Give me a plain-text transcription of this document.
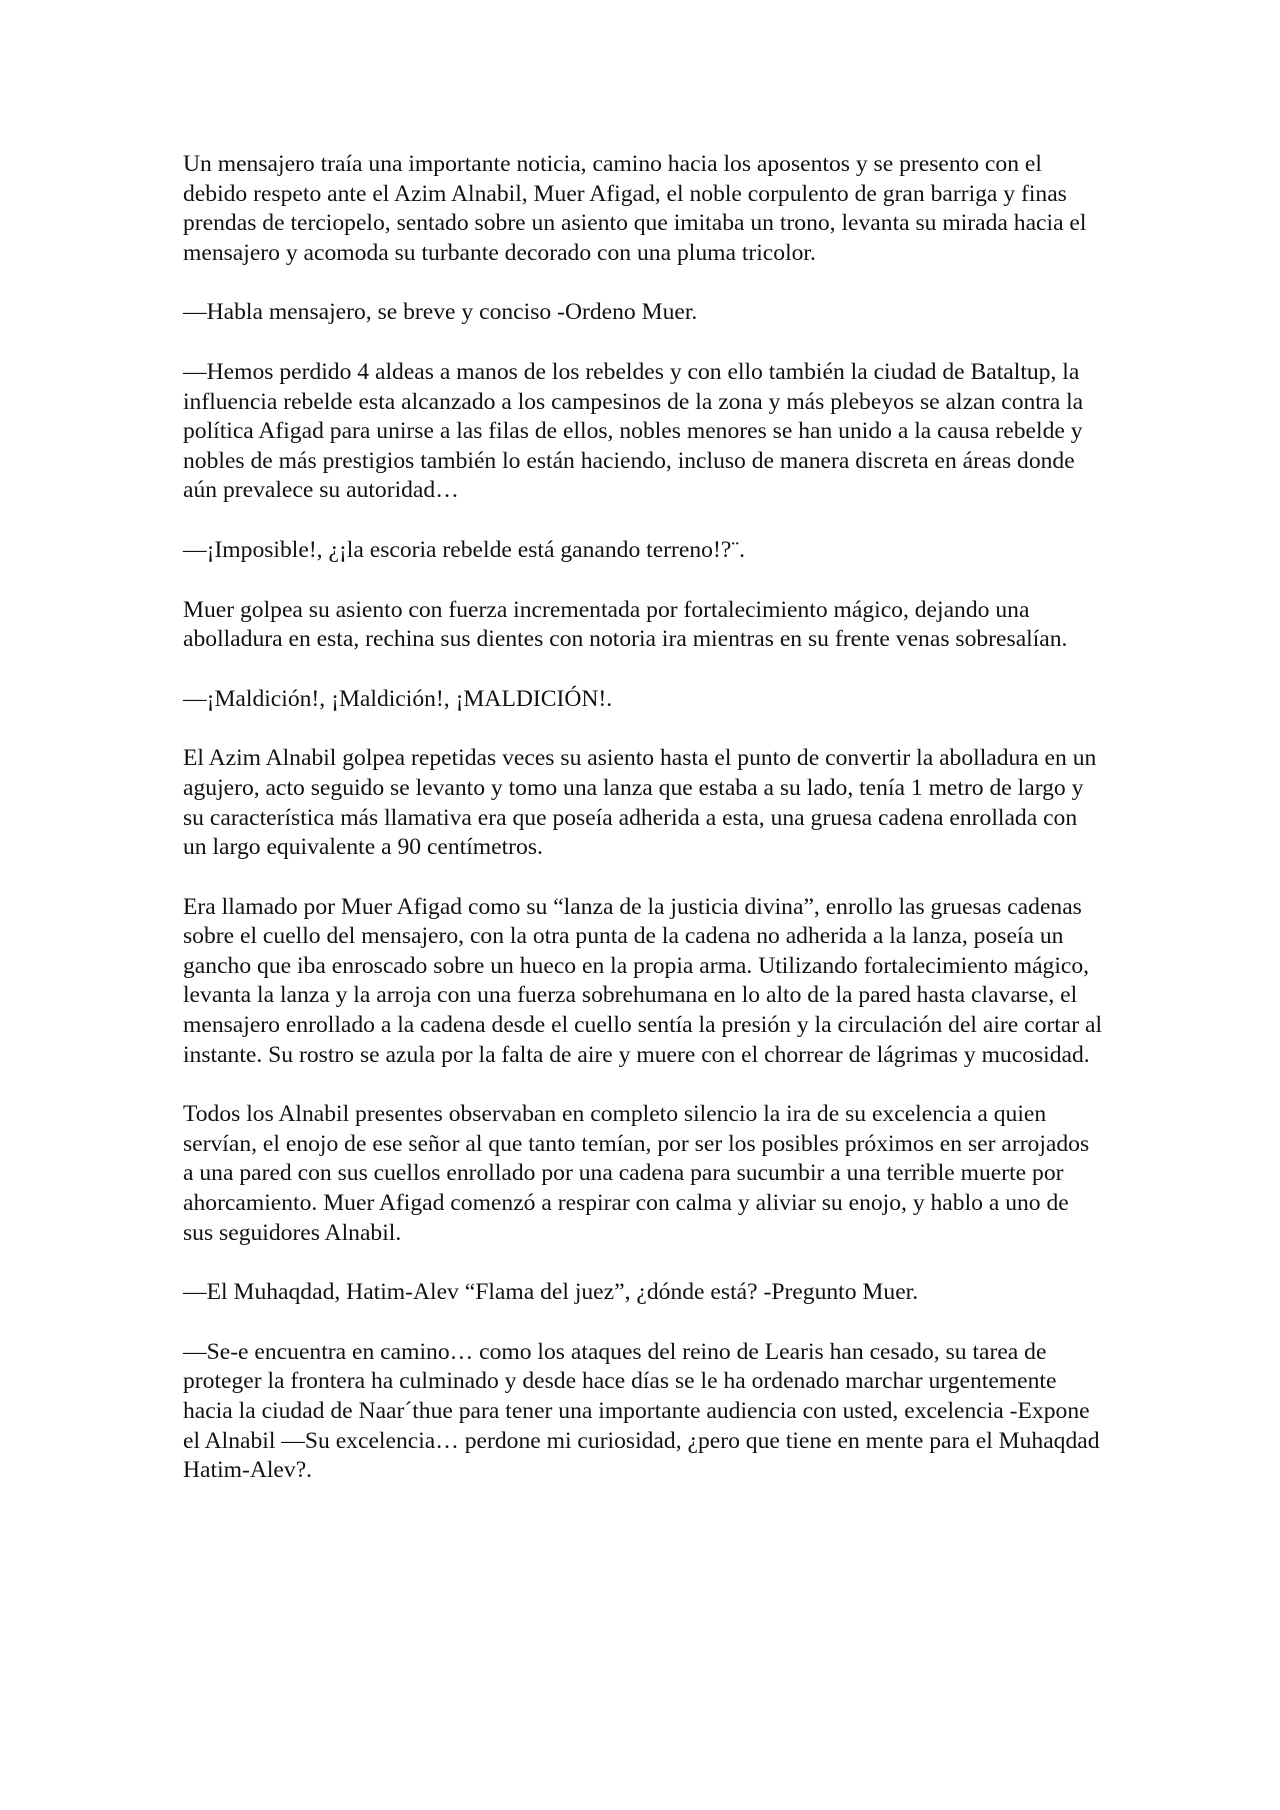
Un mensajero traía una importante noticia, camino hacia los aposentos y se presento con el debido respeto ante el Azim Alnabil, Muer Afigad, el noble corpulento de gran barriga y finas prendas de terciopelo, sentado sobre un asiento que imitaba un trono, levanta su mirada hacia el mensajero y acomoda su turbante decorado con una pluma tricolor.

—Habla mensajero, se breve y conciso -Ordeno Muer.

—Hemos perdido 4 aldeas a manos de los rebeldes y con ello también la ciudad de Bataltup, la influencia rebelde esta alcanzado a los campesinos de la zona y más plebeyos se alzan contra la política Afigad para unirse a las filas de ellos, nobles menores se han unido a la causa rebelde y nobles de más prestigios también lo están haciendo, incluso de manera discreta en áreas donde aún prevalece su autoridad…

—¡Imposible!, ¿¡la escoria rebelde está ganando terreno!?¨.

Muer golpea su asiento con fuerza incrementada por fortalecimiento mágico, dejando una abolladura en esta, rechina sus dientes con notoria ira mientras en su frente venas sobresalían.

—¡Maldición!, ¡Maldición!, ¡MALDICIÓN!.

El Azim Alnabil golpea repetidas veces su asiento hasta el punto de convertir la abolladura en un agujero, acto seguido se levanto y tomo una lanza que estaba a su lado, tenía 1 metro de largo y su característica más llamativa era que poseía adherida a esta, una gruesa cadena enrollada con un largo equivalente a 90 centímetros.

Era llamado por Muer Afigad como su “lanza de la justicia divina”, enrollo las gruesas cadenas sobre el cuello del mensajero, con la otra punta de la cadena no adherida a la lanza, poseía un gancho que iba enroscado sobre un hueco en la propia arma. Utilizando fortalecimiento mágico, levanta la lanza y la arroja con una fuerza sobrehumana en lo alto de la pared hasta clavarse, el mensajero enrollado a la cadena desde el cuello sentía la presión y la circulación del aire cortar al instante. Su rostro se azula por la falta de aire y muere con el chorrear de lágrimas y mucosidad.

Todos los Alnabil presentes observaban en completo silencio la ira de su excelencia a quien servían, el enojo de ese señor al que tanto temían, por ser los posibles próximos en ser arrojados a una pared con sus cuellos enrollado por una cadena para sucumbir a una terrible muerte por ahorcamiento. Muer Afigad comenzó a respirar con calma y aliviar su enojo, y hablo a uno de sus seguidores Alnabil.

—El Muhaqdad, Hatim-Alev “Flama del juez”, ¿dónde está? -Pregunto Muer.

—Se-e encuentra en camino… como los ataques del reino de Learis han cesado, su tarea de proteger la frontera ha culminado y desde hace días se le ha ordenado marchar urgentemente hacia la ciudad de Naar´thue para tener una importante audiencia con usted, excelencia -Expone el Alnabil —Su excelencia… perdone mi curiosidad, ¿pero que tiene en mente para el Muhaqdad Hatim-Alev?.
